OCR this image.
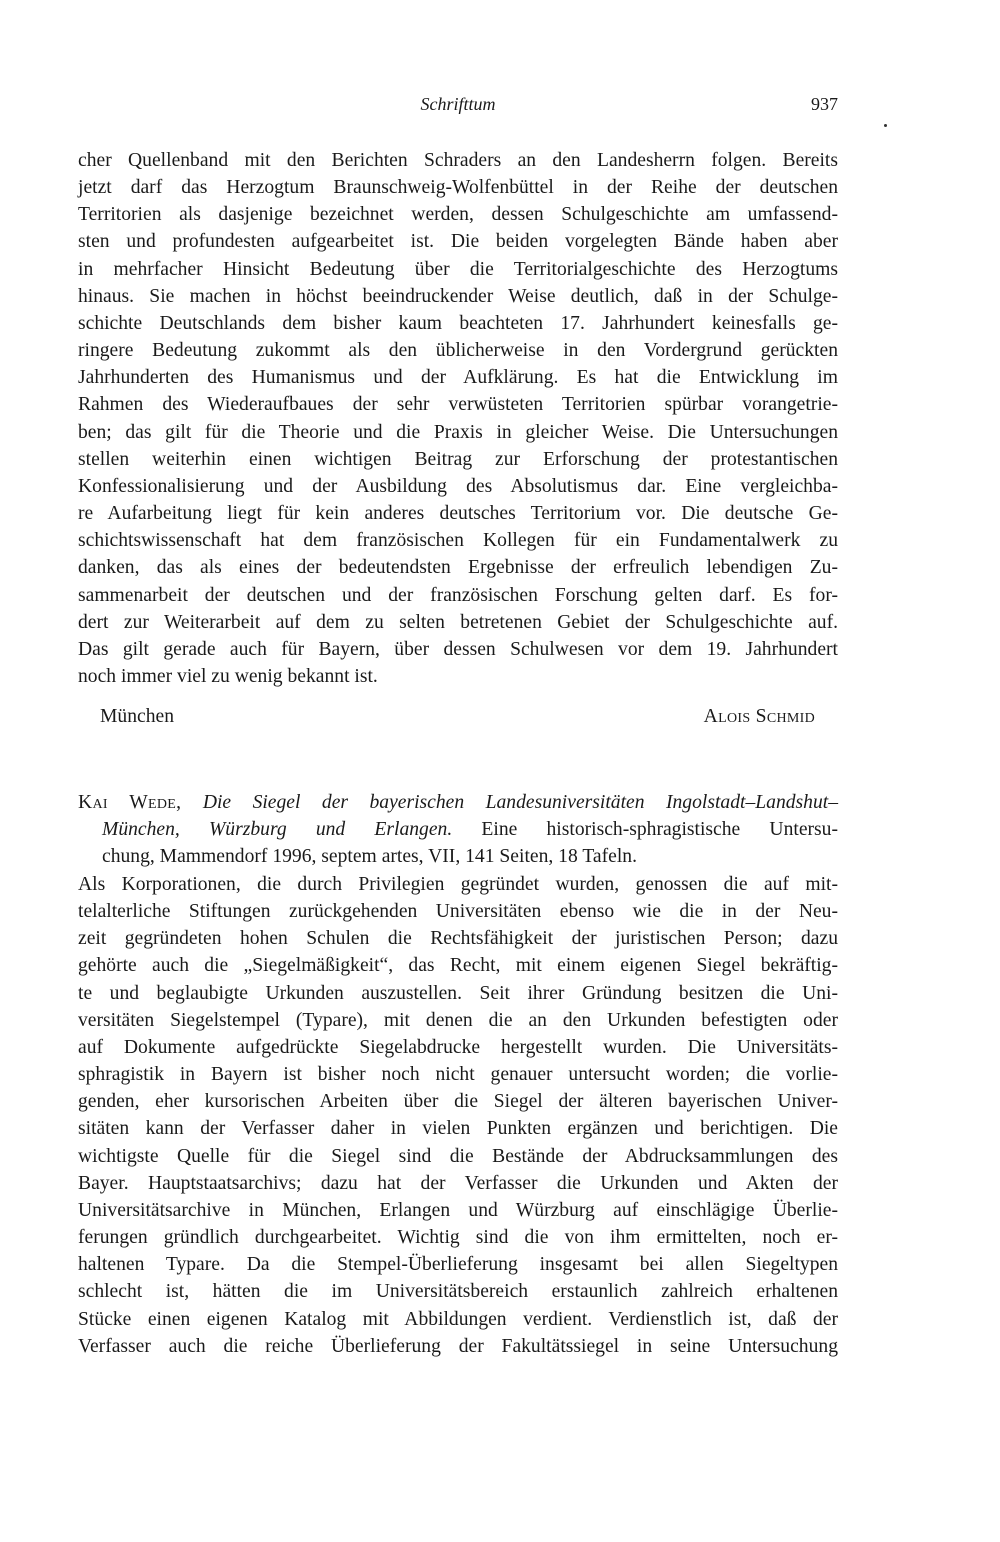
Schrifttum	937
cher Quellenband mit den Berichten Schraders an den Landesherrn folgen. Bereits
jetzt darf das Herzogtum Braunschweig-Wolfenbüttel in der Reihe der deutschen
Territorien als dasjenige bezeichnet werden, dessen Schulgeschichte am umfassend-
sten und profundesten aufgearbeitet ist. Die beiden vorgelegten Bände haben aber
in mehrfacher Hinsicht Bedeutung über die Territorialgeschichte des Herzogtums
hinaus. Sie machen in höchst beeindruckender Weise deutlich, daß in der Schulge-
schichte Deutschlands dem bisher kaum beachteten 17. Jahrhundert keinesfalls ge-
ringere Bedeutung zukommt als den üblicherweise in den Vordergrund gerückten
Jahrhunderten des Humanismus und der Aufklärung. Es hat die Entwicklung im
Rahmen des Wiederaufbaues der sehr verwüsteten Territorien spürbar vorangetrie-
ben; das gilt für die Theorie und die Praxis in gleicher Weise. Die Untersuchungen
stellen weiterhin einen wichtigen Beitrag zur Erforschung der protestantischen
Konfessionalisierung und der Ausbildung des Absolutismus dar. Eine vergleichba-
re Aufarbeitung liegt für kein anderes deutsches Territorium vor. Die deutsche Ge-
schichtswissenschaft hat dem französischen Kollegen für ein Fundamentalwerk zu
danken, das als eines der bedeutendsten Ergebnisse der erfreulich lebendigen Zu-
sammenarbeit der deutschen und der französischen Forschung gelten darf. Es for-
dert zur Weiterarbeit auf dem zu selten betretenen Gebiet der Schulgeschichte auf.
Das gilt gerade auch für Bayern, über dessen Schulwesen vor dem 19. Jahrhundert
noch immer viel zu wenig bekannt ist.
München	Alois Schmid
Kai Wede, Die Siegel der bayerischen Landesuniversitäten Ingolstadt–Landshut–
München, Würzburg und Erlangen. Eine historisch-sphragistische Untersu-
chung, Mammendorf 1996, septem artes, VII, 141 Seiten, 18 Tafeln.
Als Korporationen, die durch Privilegien gegründet wurden, genossen die auf mit-
telalterliche Stiftungen zurückgehenden Universitäten ebenso wie die in der Neu-
zeit gegründeten hohen Schulen die Rechtsfähigkeit der juristischen Person; dazu
gehörte auch die „Siegelmäßigkeit“, das Recht, mit einem eigenen Siegel bekräftig-
te und beglaubigte Urkunden auszustellen. Seit ihrer Gründung besitzen die Uni-
versitäten Siegelstempel (Typare), mit denen die an den Urkunden befestigten oder
auf Dokumente aufgedrückte Siegelabdrucke hergestellt wurden. Die Universitäts-
sphragistik in Bayern ist bisher noch nicht genauer untersucht worden; die vorlie-
genden, eher kursorischen Arbeiten über die Siegel der älteren bayerischen Univer-
sitäten kann der Verfasser daher in vielen Punkten ergänzen und berichtigen. Die
wichtigste Quelle für die Siegel sind die Bestände der Abdrucksammlungen des
Bayer. Hauptstaatsarchivs; dazu hat der Verfasser die Urkunden und Akten der
Universitätsarchive in München, Erlangen und Würzburg auf einschlägige Überlie-
ferungen gründlich durchgearbeitet. Wichtig sind die von ihm ermittelten, noch er-
haltenen Typare. Da die Stempel-Überlieferung insgesamt bei allen Siegeltypen
schlecht ist, hätten die im Universitätsbereich erstaunlich zahlreich erhaltenen
Stücke einen eigenen Katalog mit Abbildungen verdient. Verdienstlich ist, daß der
Verfasser auch die reiche Überlieferung der Fakultätssiegel in seine Untersuchung
